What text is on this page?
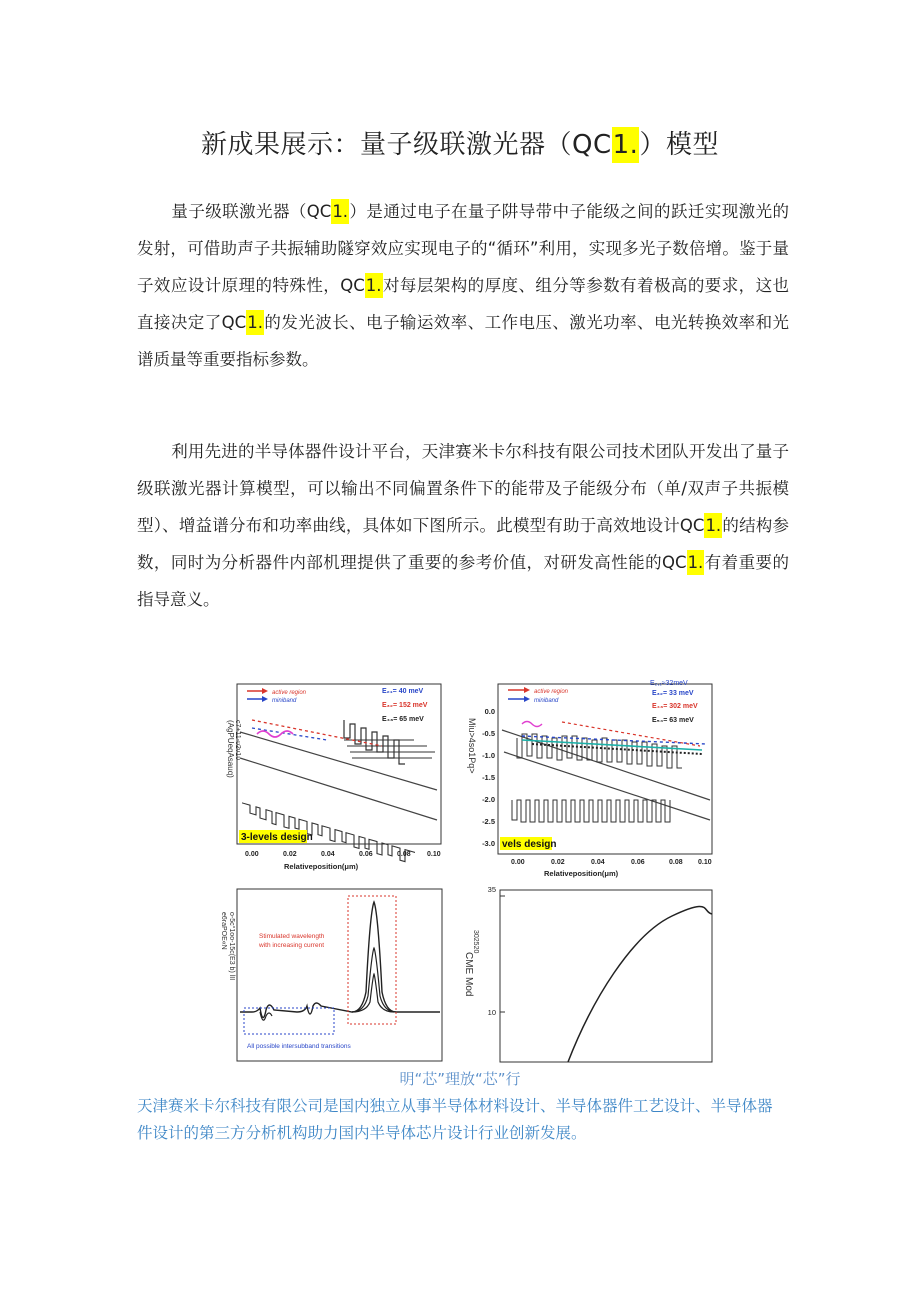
新成果展示：量子级联激光器（QC1.）模型
量子级联激光器（QC1.）是通过电子在量子阱导带中子能级之间的跃迁实现激光的发射，可借助声子共振辅助隧穿效应实现电子的“循环”利用，实现多光子数倍增。鉴于量子效应设计原理的特殊性，QC1.对每层架构的厚度、组分等参数有着极高的要求，这也直接决定了QC1.的发光波长、电子输运效率、工作电压、激光功率、电光转换效率和光谱质量等重要指标参数。
利用先进的半导体器件设计平台，天津赛米卡尔科技有限公司技术团队开发出了量子级联激光器计算模型，可以输出不同偏置条件下的能带及子能级分布（单/双声子共振模型）、增益谱分布和功率曲线，具体如下图所示。此模型有助于高效地设计QC1.的结构参数，同时为分析器件内部机理提供了重要的参考价值，对研发高性能的QC1.有着重要的指导意义。
active region
miniband
E₂₁= 40 meV
E₃₂= 152 meV
E₄₃= 65 meV
3-levels design
(AgPUeqAsauq) c7+11-υ2ν1υ
0.00	0.02	0.04	0.06	0.08 0.10
Relativeposition(μm)
active region
miniband
E₂,₁≈32meV
E₃₂= 33 meV
E₄₃= 302 meV
E₅₄= 63 meV
vels design
Miu>4so1Pq>
0.0
-0.5
-1.0
-1.5
-2.0
-2.5
-3.0
0.00	0.02	0.04	0.06	0.08 0.10
Relativeposition(μm)
Stimulated wavelength
with increasing current
All possible intersubband transitions
o-5c°1oo-15c(E3 b) lII
e6raPOE«N
35
10
302520
CME Mod
明“芯”理放“芯”行
天津赛米卡尔科技有限公司是国内独立从事半导体材料设计、半导体器件工艺设计、半导体器件设计的第三方分析机构助力国内半导体芯片设计行业创新发展。
